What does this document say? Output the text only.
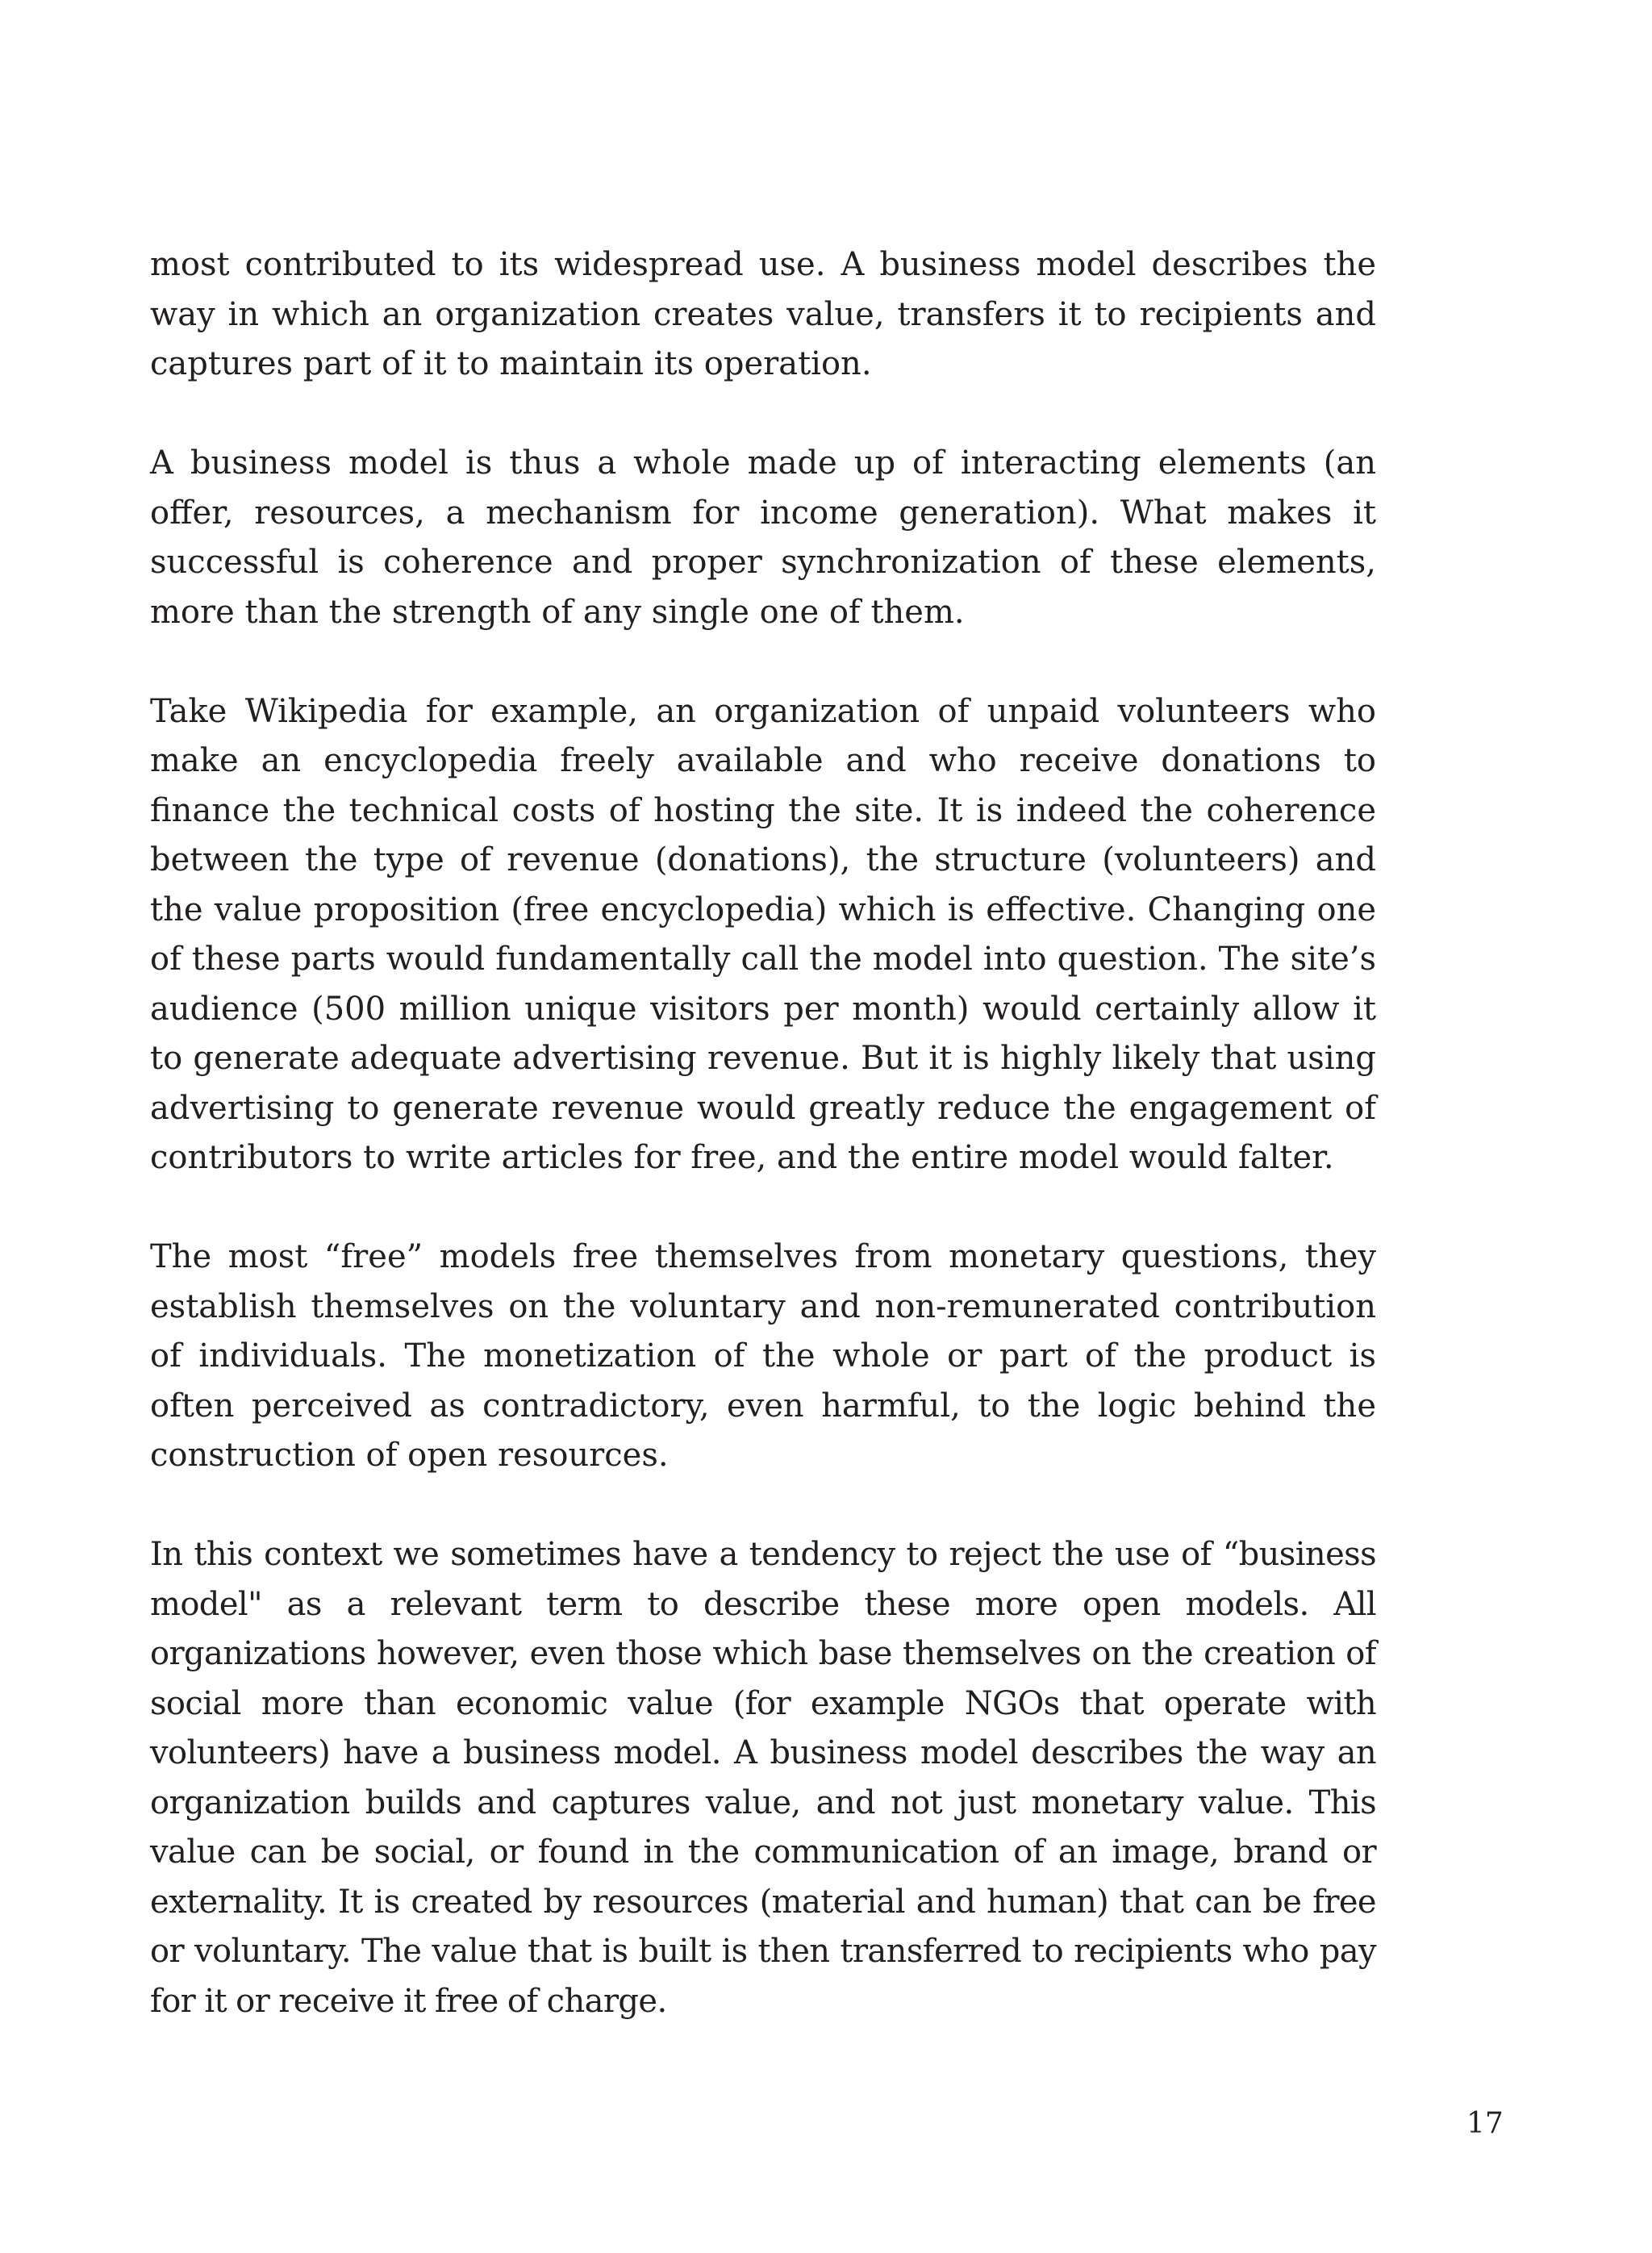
most contributed to its widespread use. A business model describes the way in which an organization creates value, transfers it to recipients and captures part of it to maintain its operation.

A business model is thus a whole made up of interacting elements (an offer, resources, a mechanism for income generation). What makes it successful is coherence and proper synchronization of these elements, more than the strength of any single one of them.

Take Wikipedia for example, an organization of unpaid volunteers who make an encyclopedia freely available and who receive donations to finance the technical costs of hosting the site. It is indeed the coherence between the type of revenue (donations), the structure (volunteers) and the value proposition (free encyclopedia) which is effective. Changing one of these parts would fundamentally call the model into question. The site’s audience (500 million unique visitors per month) would certainly allow it to generate adequate advertising revenue. But it is highly likely that using advertising to generate revenue would greatly reduce the engagement of contributors to write articles for free, and the entire model would falter.

The most “free” models free themselves from monetary questions, they establish themselves on the voluntary and non-remunerated contribution of individuals. The monetization of the whole or part of the product is often perceived as contradictory, even harmful, to the logic behind the construction of open resources.

In this context we sometimes have a tendency to reject the use of “business model" as a relevant term to describe these more open models. All organizations however, even those which base themselves on the creation of social more than economic value (for example NGOs that operate with volunteers) have a business model. A business model describes the way an organization builds and captures value, and not just monetary value. This value can be social, or found in the communication of an image, brand or externality. It is created by resources (material and human) that can be free or voluntary. The value that is built is then transferred to recipients who pay for it or receive it free of charge.

17
